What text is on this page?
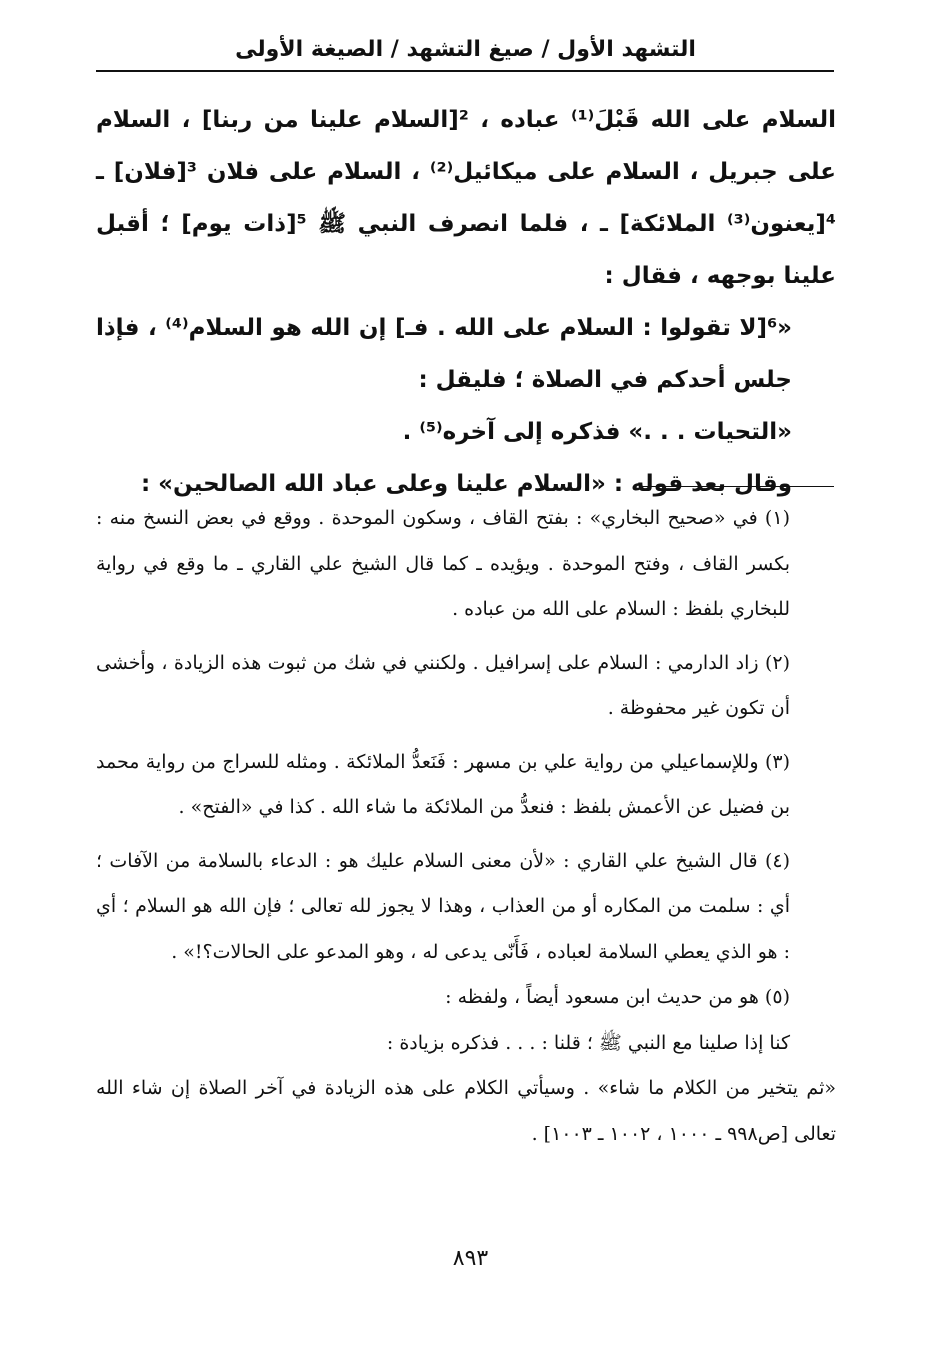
التشهد الأول / صيغ التشهد / الصيغة الأولى

السلام على الله قَبْلَ⁽¹⁾ عباده ، ²[السلام علينا من ربنا] ، السلام على جبريل ، السلام على ميكائيل⁽²⁾ ، السلام على فلان ³[فلان] ـ ⁴[يعنون⁽³⁾ الملائكة] ـ ، فلما انصرف النبي ﷺ ⁵[ذات يوم] ؛ أقبل علينا بوجهه ، فقال :

«⁶[لا تقولوا : السلام على الله . فـ] إن الله هو السلام⁽⁴⁾ ، فإذا جلس أحدكم في الصلاة ؛ فليقل :

«التحيات . . .» فذكره إلى آخره⁽⁵⁾ .

وقال بعد قوله : «السلام علينا وعلى عباد الله الصالحين» :

(١) في «صحيح البخاري» : بفتح القاف ، وسكون الموحدة . ووقع في بعض النسخ منه : بكسر القاف ، وفتح الموحدة . ويؤيده ـ كما قال الشيخ علي القاري ـ ما وقع في رواية للبخاري بلفظ : السلام على الله من عباده .

(٢) زاد الدارمي : السلام على إسرافيل . ولكنني في شك من ثبوت هذه الزيادة ، وأخشى أن تكون غير محفوظة .

(٣) وللإسماعيلي من رواية علي بن مسهر : فَنَعدُّ الملائكة . ومثله للسراج من رواية محمد بن فضيل عن الأعمش بلفظ : فنعدُّ من الملائكة ما شاء الله . كذا في «الفتح» .

(٤) قال الشيخ علي القاري : «لأن معنى السلام عليك هو : الدعاء بالسلامة من الآفات ؛ أي : سلمت من المكاره أو من العذاب ، وهذا لا يجوز لله تعالى ؛ فإن الله هو السلام ؛ أي : هو الذي يعطي السلامة لعباده ، فَأَنّى يدعى له ، وهو المدعو على الحالات؟!» .

(٥) هو من حديث ابن مسعود أيضاً ، ولفظه :

كنا إذا صلينا مع النبي ﷺ ؛ قلنا : . . . فذكره بزيادة :

«ثم يتخير من الكلام ما شاء» . وسيأتي الكلام على هذه الزيادة في آخر الصلاة إن شاء الله تعالى [ص٩٩٨ ـ ١٠٠٠ ، ١٠٠٢ ـ ١٠٠٣] .

٨٩٣
